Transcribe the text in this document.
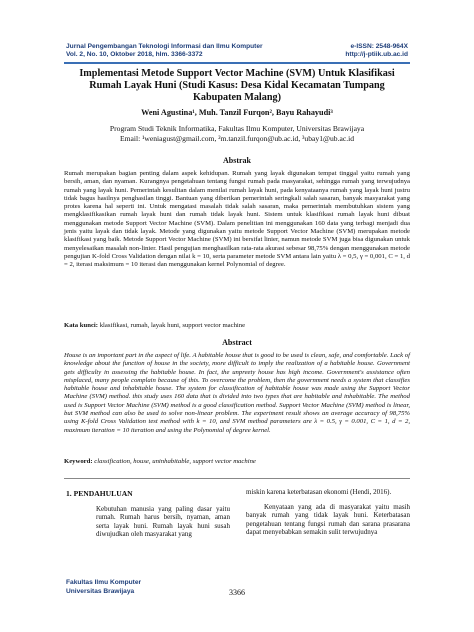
Jurnal Pengembangan Teknologi Informasi dan Ilmu Komputer
Vol. 2, No. 10, Oktober 2018, hlm. 3366-3372
e-ISSN: 2548-964X
http://j-ptiik.ub.ac.id
Implementasi Metode Support Vector Machine (SVM) Untuk Klasifikasi
Rumah Layak Huni (Studi Kasus: Desa Kidal Kecamatan Tumpang
Kabupaten Malang)
Weni Agustina¹, Muh. Tanzil Furqon², Bayu Rahayudi³
Program Studi Teknik Informatika, Fakultas Ilmu Komputer, Universitas Brawijaya
Email: ¹weniagust@gmail.com, ²m.tanzil.furqon@ub.ac.id, ³ubay1@ub.ac.id
Abstrak

Rumah merupakan bagian penting dalam aspek kehidupan. Rumah yang layak digunakan tempat tinggal yaitu rumah yang bersih, aman, dan nyaman. Kurangnya pengetahuan tentang fungsi rumah pada masyarakat, sehingga rumah yang terwujudnya rumah yang layak huni. Pemerintah kesulitan dalam menilai rumah layak huni, pada kenyataanya rumah yang layak huni justru tidak bagus hasilnya penghasilan tinggi. Bantuan yang diberikan pemerintah seringkali salah sasaran, banyak masyarakat yang protes karena hal seperti ini. Untuk mengatasi masalah tidak salah sasaran, maka pemerintah membutuhkan sistem yang mengklasifikasikan rumah layak huni dan rumah tidak layak huni. Sistem untuk klasifikasi rumah layak huni dibuat menggunakan metode Support Vector Machine (SVM). Dalam penelitian ini menggunakan 160 data yang terbagi menjadi dua jenis yaitu layak dan tidak layak. Metode yang digunakan yaitu metode Support Vector Machine (SVM) merupakan metode klasifikasi yang baik. Metode Support Vector Machine (SVM) ini bersifat linier, namun metode SVM juga bisa digunakan untuk menyelesaikan masalah non-linier. Hasil pengujian menghasilkan rata-rata akurasi sebesar 98,75% dengan menggunakan metode pengujian K-fold Cross Validation dengan nilai k = 10, serta parameter metode SVM antara lain yaitu λ = 0,5, γ = 0,001, C = 1, d = 2, iterasi maksimum = 10 iterasi dan menggunakan kernel Polynomial of degree.

Kata kunci: klasifikasi, rumah, layak huni, support vector machine
Abstract

House is an important part in the aspect of life. A habitable house that is good to be used is clean, safe, and comfortable. Lack of knowledge about the function of house in the society, more difficult to imply the realization of a habitable house. Government gets difficulty in assessing the habitable house. In fact, the unpreety house has high income. Government's assistance often misplaced, many people complain because of this. To overcome the problem, then the government needs a system that classifies habitable house and inhabitable house. The system for classification of habitable house was made using the Support Vector Machine (SVM) method. this study uses 160 data that is divided into two types that are habitable and inhabitable. The method used is Support Vector Machine (SVM) method is a good classification method. Support Vector Machine (SVM) method is linear, but SVM method can also be used to solve non-linear problem. The experiment result shows an average accuracy of 98,75% using K-fold Cross Validation test method with k = 10, and SVM method parameters are λ = 0.5, γ = 0.001, C = 1, d = 2, maximum iteration = 10 iteration and using the Polynomial of degree kernel.

Keyword: classification, house, uninhabitable, support vector machine
1. PENDAHULUAN

Kebutuhan manusia yang paling dasar yaitu rumah. Rumah harus bersih, nyaman, aman serta layak huni. Rumah layak huni susah diwujudkan oleh masyarakat yang

miskin karena keterbatasan ekonomi (Hendi, 2016).

Kenyataan yang ada di masyarakat yaitu masih banyak rumah yang tidak layak huni. Keterbatasan pengetahuan tentang fungsi rumah dan sarana prasarana dapat menyebabkan semakin sulit terwujudnya

Fakultas Ilmu Komputer
Universitas Brawijaya	3366
